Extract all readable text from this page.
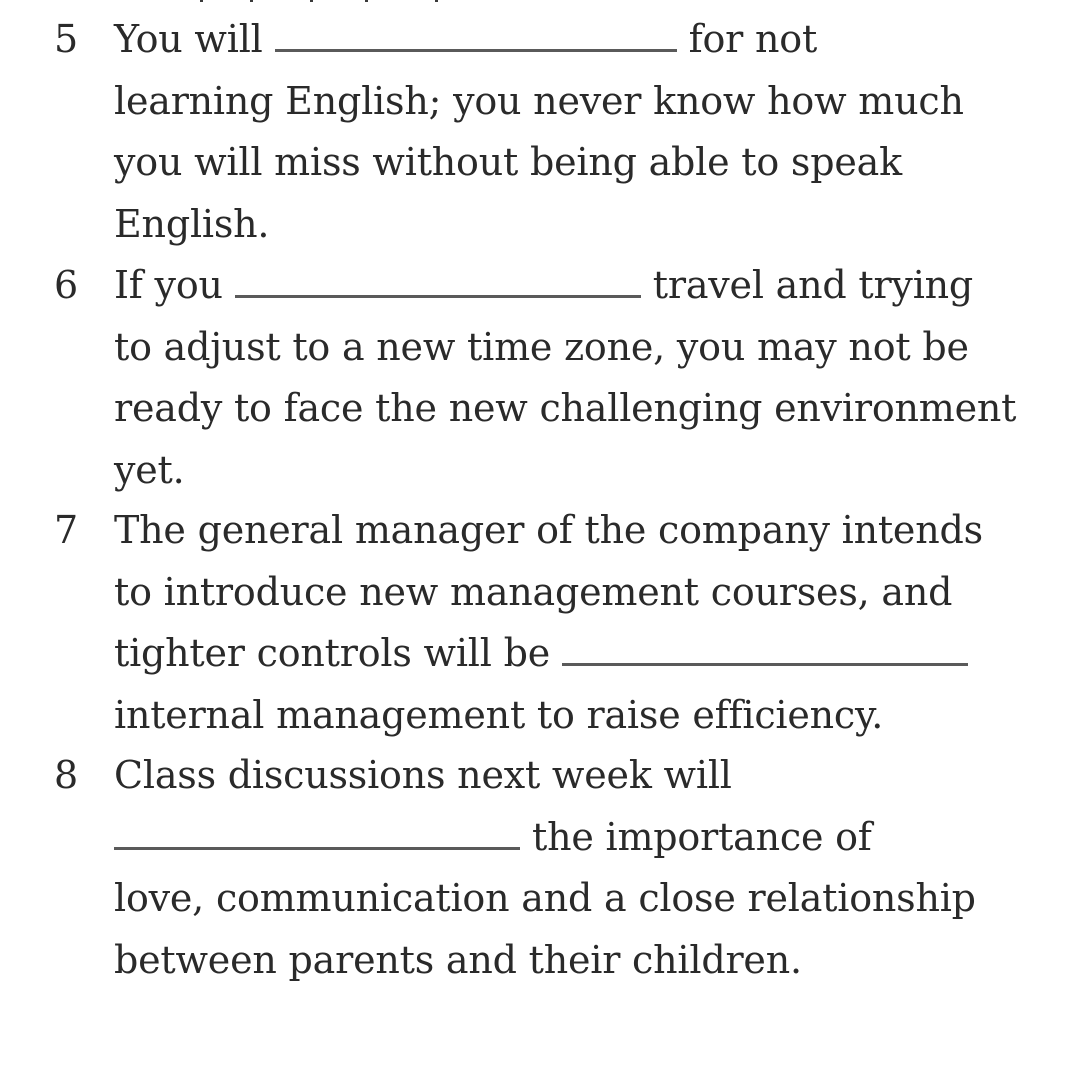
5 You will	for not
learning English; you never know how much
you will miss without being able to speak
English.
6 If you	travel and trying
to adjust to a new time zone, you may not be
ready to face the new challenging environment
yet.
7 The general manager of the company intends
to introduce new management courses, and
tighter controls will be
internal management to raise efficiency.
8 Class discussions next week will
the importance of
love, communication and a close relationship
between parents and their children.
